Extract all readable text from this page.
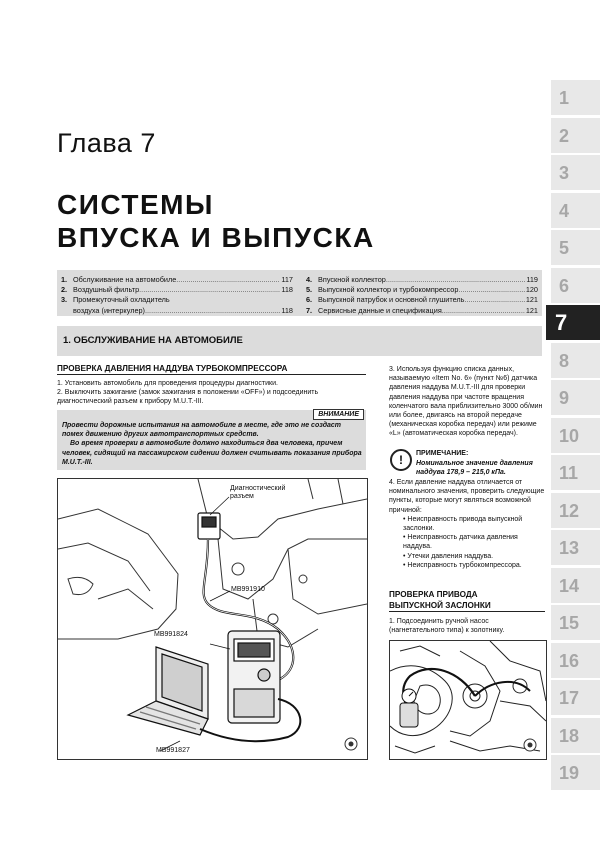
Глава 7
СИСТЕМЫ
ВПУСКА И ВЫПУСКА
1. Обслуживание на автомобиле .....	117
2. Воздушный фильтр .....	118
3. Промежуточный охладитель
воздуха (интеркулер) .....	118
4. Впускной коллектор .....	119
5. Выпускной коллектор и турбокомпрессор .....	120
6. Выпускной патрубок и основной глушитель .....	121
7. Сервисные данные и спецификация .....	121
1. ОБСЛУЖИВАНИЕ НА АВТОМОБИЛЕ
ПРОВЕРКА ДАВЛЕНИЯ НАДДУВА ТУРБОКОМПРЕССОРА

1. Установить автомобиль для проведения процедуры диагностики.

2. Выключить зажигание (замок зажигания в положении «OFF») и подсоединить диагностический разъем к прибору M.U.T.-III.

ВНИМАНИЕ
Провести дорожные испытания на автомобиле в месте, где это не создаст помех движению других автотранспортных средств.
Во время проверки в автомобиле должно находиться два человека, причем человек, сидящий на пассажирском сидении должен считывать показания прибора M.U.T.-III.
Диагностический разъем
MB991910
MB991824
MB991827
3. Используя функцию списка данных, называемую «Item No. 6» (пункт №6) датчика давления наддува M.U.T.-III для проверки давления наддува при частоте вращения коленчатого вала приблизительно 3000 об/мин или более, двигаясь на второй передаче (механическая коробка передач) или режиме «L» (автоматическая коробка передач).
!	ПРИМЕЧАНИЕ:
Номинальное значение давления наддува 178,9 – 215,0 кПа.

4. Если давление наддува отличается от номинального значения, проверить следующие пункты, которые могут являться возможной причиной:

• Неисправность привода выпускной заслонки.

• Неисправность датчика давления наддува.

• Утечки давления наддува.

• Неисправность турбокомпрессора.

ПРОВЕРКА ПРИВОДА
ВЫПУСКНОЙ ЗАСЛОНКИ
1. Подсоединить ручной насос (нагнетательного типа) к золотнику.
1
2
3
4
5
6
7
8
9
10
11
12
13
14
15
16
17
18
19
